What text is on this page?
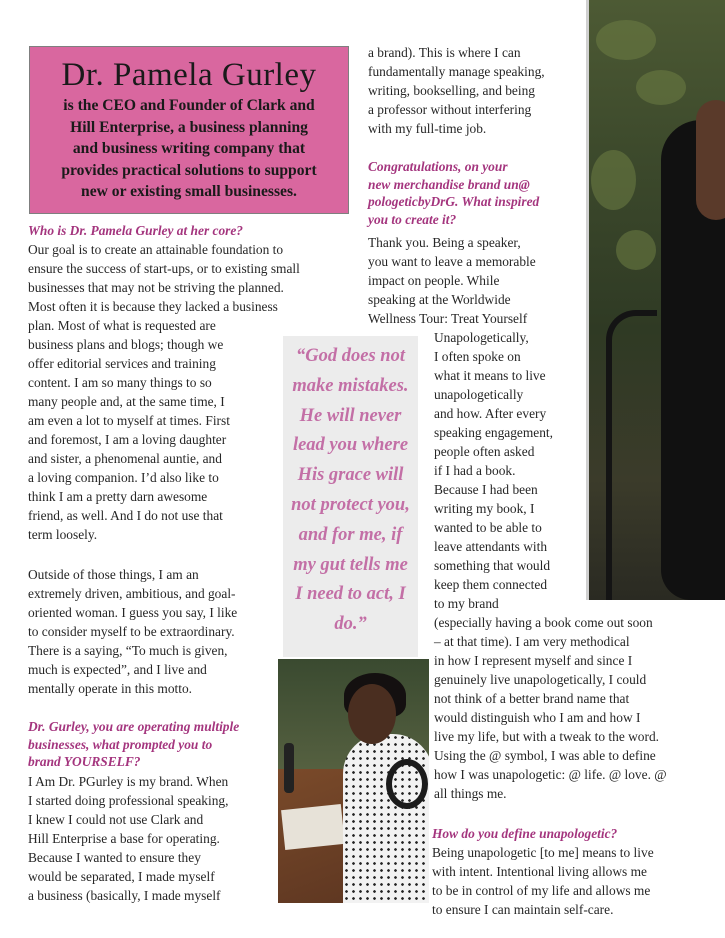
Dr. Pamela Gurley
is the CEO and Founder of Clark and
Hill Enterprise, a business planning
and business writing company that
provides practical solutions to support
new or existing small businesses.
Who is Dr. Pamela Gurley at her core?
Our goal is to create an attainable foundation to
ensure the success of start-ups, or to existing small
businesses that may not be striving the planned.
Most often it is because they lacked a business
plan. Most of what is requested are
business plans and blogs; though we
offer editorial services and training
content. I am so many things to so
many people and, at the same time, I
am even a lot to myself at times. First
and foremost, I am a loving daughter
and sister, a phenomenal auntie, and
a loving companion. I’d also like to
think I am a pretty darn awesome
friend, as well. And I do not use that
term loosely.
Outside of those things, I am an
extremely driven, ambitious, and goal-
oriented woman. I guess you say, I like
to consider myself to be extraordinary.
There is a saying, “To much is given,
much is expected”, and I live and
mentally operate in this motto.
Dr. Gurley, you are operating multiple
businesses, what prompted you to
brand YOURSELF?
I Am Dr. PGurley is my brand. When
I started doing professional speaking,
I knew I could not use Clark and
Hill Enterprise a base for operating.
Because I wanted to ensure they
would be separated, I made myself
a business (basically, I made myself
“God does not
make mistakes.
He will never
lead you where
His grace will
not protect you,
and for me, if
my gut tells me
I need to act, I
do.”
a brand). This is where I can
fundamentally manage speaking,
writing, bookselling, and being
a professor without interfering
with my full-time job.
Congratulations, on your
new merchandise brand un@
pologeticbyDrG. What inspired
you to create it?
Thank you. Being a speaker,
you want to leave a memorable
impact on people. While
speaking at the Worldwide
Wellness Tour: Treat Yourself
Unapologetically,
I often spoke on
what it means to live
unapologetically
and how. After every
speaking engagement,
people often asked
if I had a book.
Because I had been
writing my book, I
wanted to be able to
leave attendants with
something that would
keep them connected
to my brand
(especially having a book come out soon
– at that time). I am very methodical
in how I represent myself and since I
genuinely live unapologetically, I could
not think of a better brand name that
would distinguish who I am and how I
live my life, but with a tweak to the word.
Using the @ symbol, I was able to define
how I was unapologetic: @ life. @ love. @
all things me.
How do you define unapologetic?
Being unapologetic [to me] means to live
with intent. Intentional living allows me
to be in control of my life and allows me
to ensure I can maintain self-care.
